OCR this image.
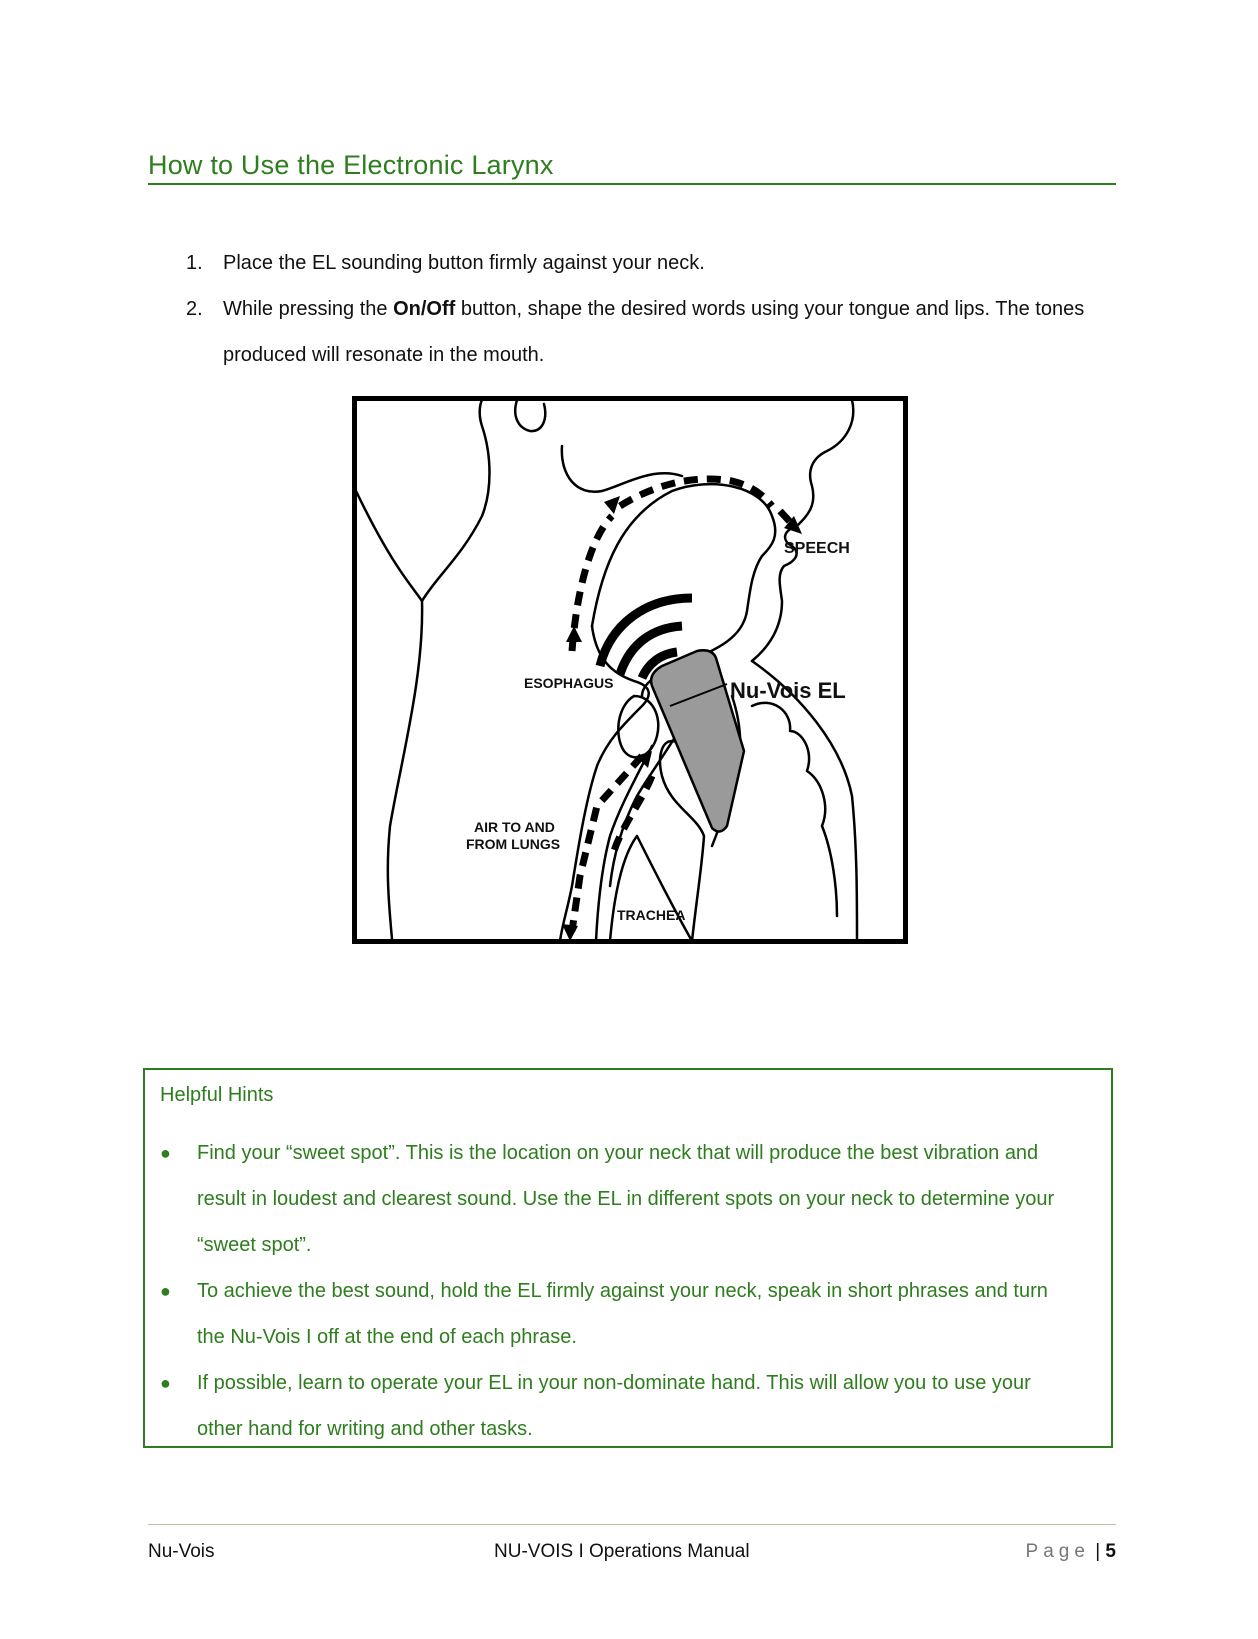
How to Use the Electronic Larynx
1.	Place the EL sounding button firmly against your neck.
2.	While pressing the On/Off button, shape the desired words using your tongue and lips. The tones produced will resonate in the mouth.
SPEECH
ESOPHAGUS	Nu-Vois EL
AIR TO AND
FROM LUNGS
TRACHEA
Helpful Hints
●	Find your “sweet spot”. This is the location on your neck that will produce the best vibration and result in loudest and clearest sound. Use the EL in different spots on your neck to determine your “sweet spot”.
●	To achieve the best sound, hold the EL firmly against your neck, speak in short phrases and turn the Nu-Vois I off at the end of each phrase.
●	If possible, learn to operate your EL in your non-dominate hand. This will allow you to use your other hand for writing and other tasks.
Nu-Vois	NU-VOIS I Operations Manual	Page | 5
